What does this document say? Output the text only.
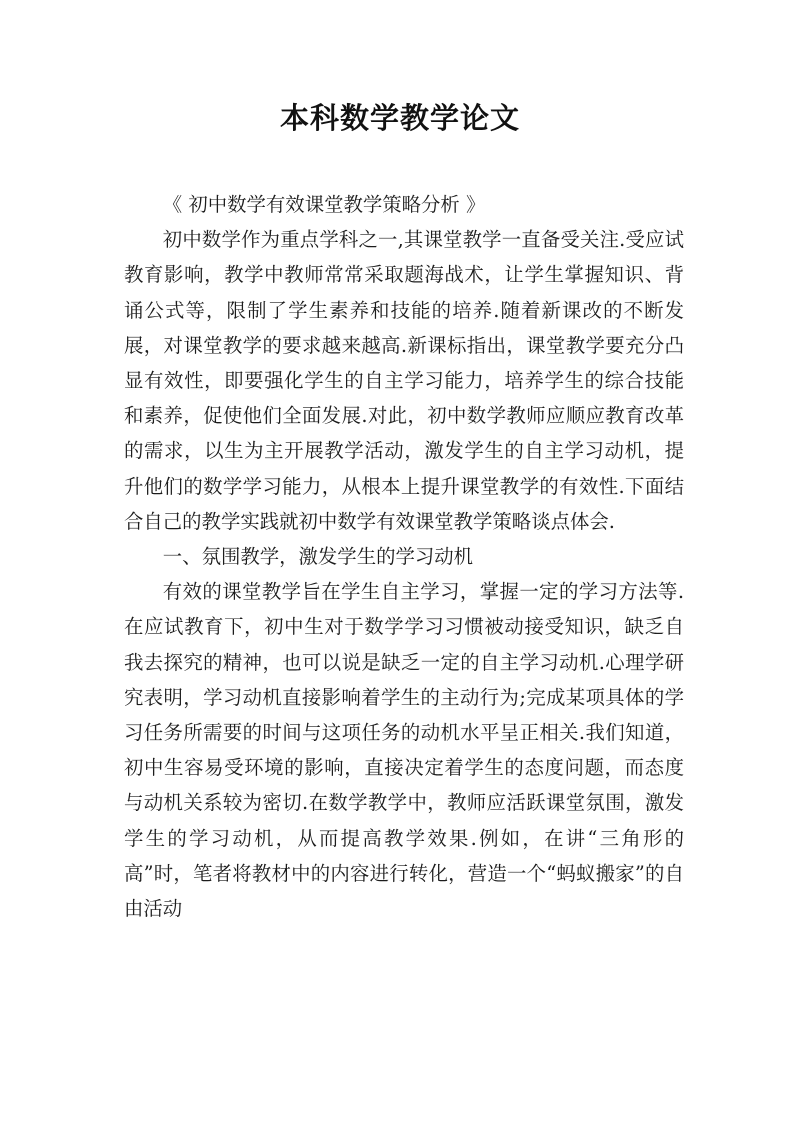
本科数学教学论文

《 初中数学有效课堂教学策略分析 》

初中数学作为重点学科之一,其课堂教学一直备受关注.受应试教育影响，教学中教师常常采取题海战术，让学生掌握知识、背诵公式等，限制了学生素养和技能的培养.随着新课改的不断发展，对课堂教学的要求越来越高.新课标指出，课堂教学要充分凸显有效性，即要强化学生的自主学习能力，培养学生的综合技能和素养，促使他们全面发展.对此，初中数学教师应顺应教育改革的需求，以生为主开展教学活动，激发学生的自主学习动机，提升他们的数学学习能力，从根本上提升课堂教学的有效性.下面结合自己的教学实践就初中数学有效课堂教学策略谈点体会.

一、氛围教学，激发学生的学习动机

有效的课堂教学旨在学生自主学习，掌握一定的学习方法等.在应试教育下，初中生对于数学学习习惯被动接受知识，缺乏自我去探究的精神，也可以说是缺乏一定的自主学习动机.心理学研究表明，学习动机直接影响着学生的主动行为;完成某项具体的学习任务所需要的时间与这项任务的动机水平呈正相关.我们知道，初中生容易受环境的影响，直接决定着学生的态度问题，而态度与动机关系较为密切.在数学教学中，教师应活跃课堂氛围，激发学生的学习动机，从而提高教学效果.例如，在讲“三角形的高”时，笔者将教材中的内容进行转化，营造一个“蚂蚁搬家”的自由活动
